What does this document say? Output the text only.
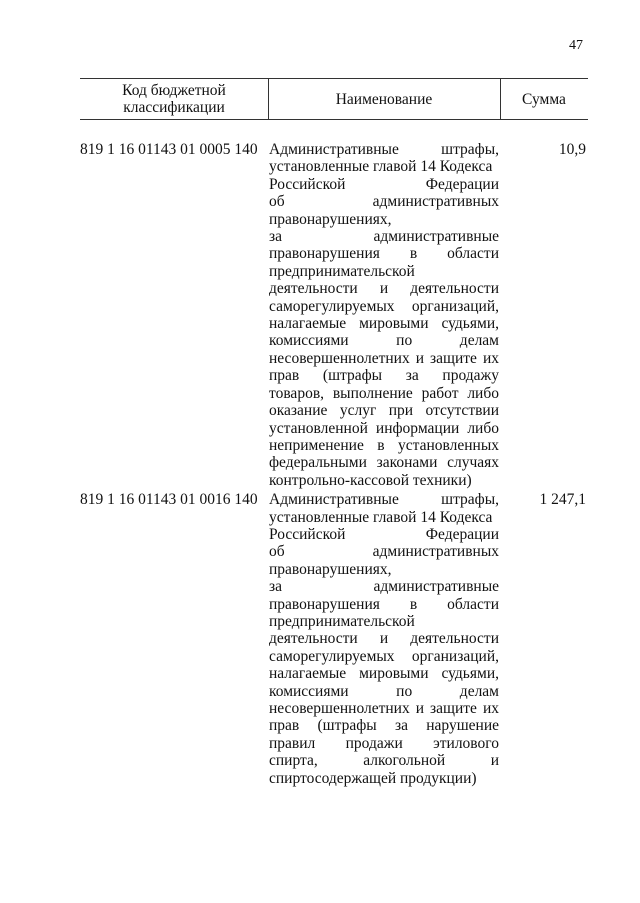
47
Код бюджетной классификации	Наименование	Сумма
819 1 16 01143 01 0005 140 Административные штрафы,
установленные главой 14 Кодекса
Российской Федерации
об административных
правонарушениях,
за административные
правонарушения в области
предпринимательской
деятельности и деятельности
саморегулируемых организаций,
налагаемые мировыми судьями,
комиссиями по делам
несовершеннолетних и защите их
прав (штрафы за продажу
товаров, выполнение работ либо
оказание услуг при отсутствии
установленной информации либо
неприменение в установленных
федеральными законами случаях
контрольно-кассовой техники)
10,9
819 1 16 01143 01 0016 140 Административные штрафы,
установленные главой 14 Кодекса
Российской Федерации
об административных
правонарушениях,
за административные
правонарушения в области
предпринимательской
деятельности и деятельности
саморегулируемых организаций,
налагаемые мировыми судьями,
комиссиями по делам
несовершеннолетних и защите их
прав (штрафы за нарушение
правил продажи этилового
спирта, алкогольной и
спиртосодержащей продукции)
1 247,1
